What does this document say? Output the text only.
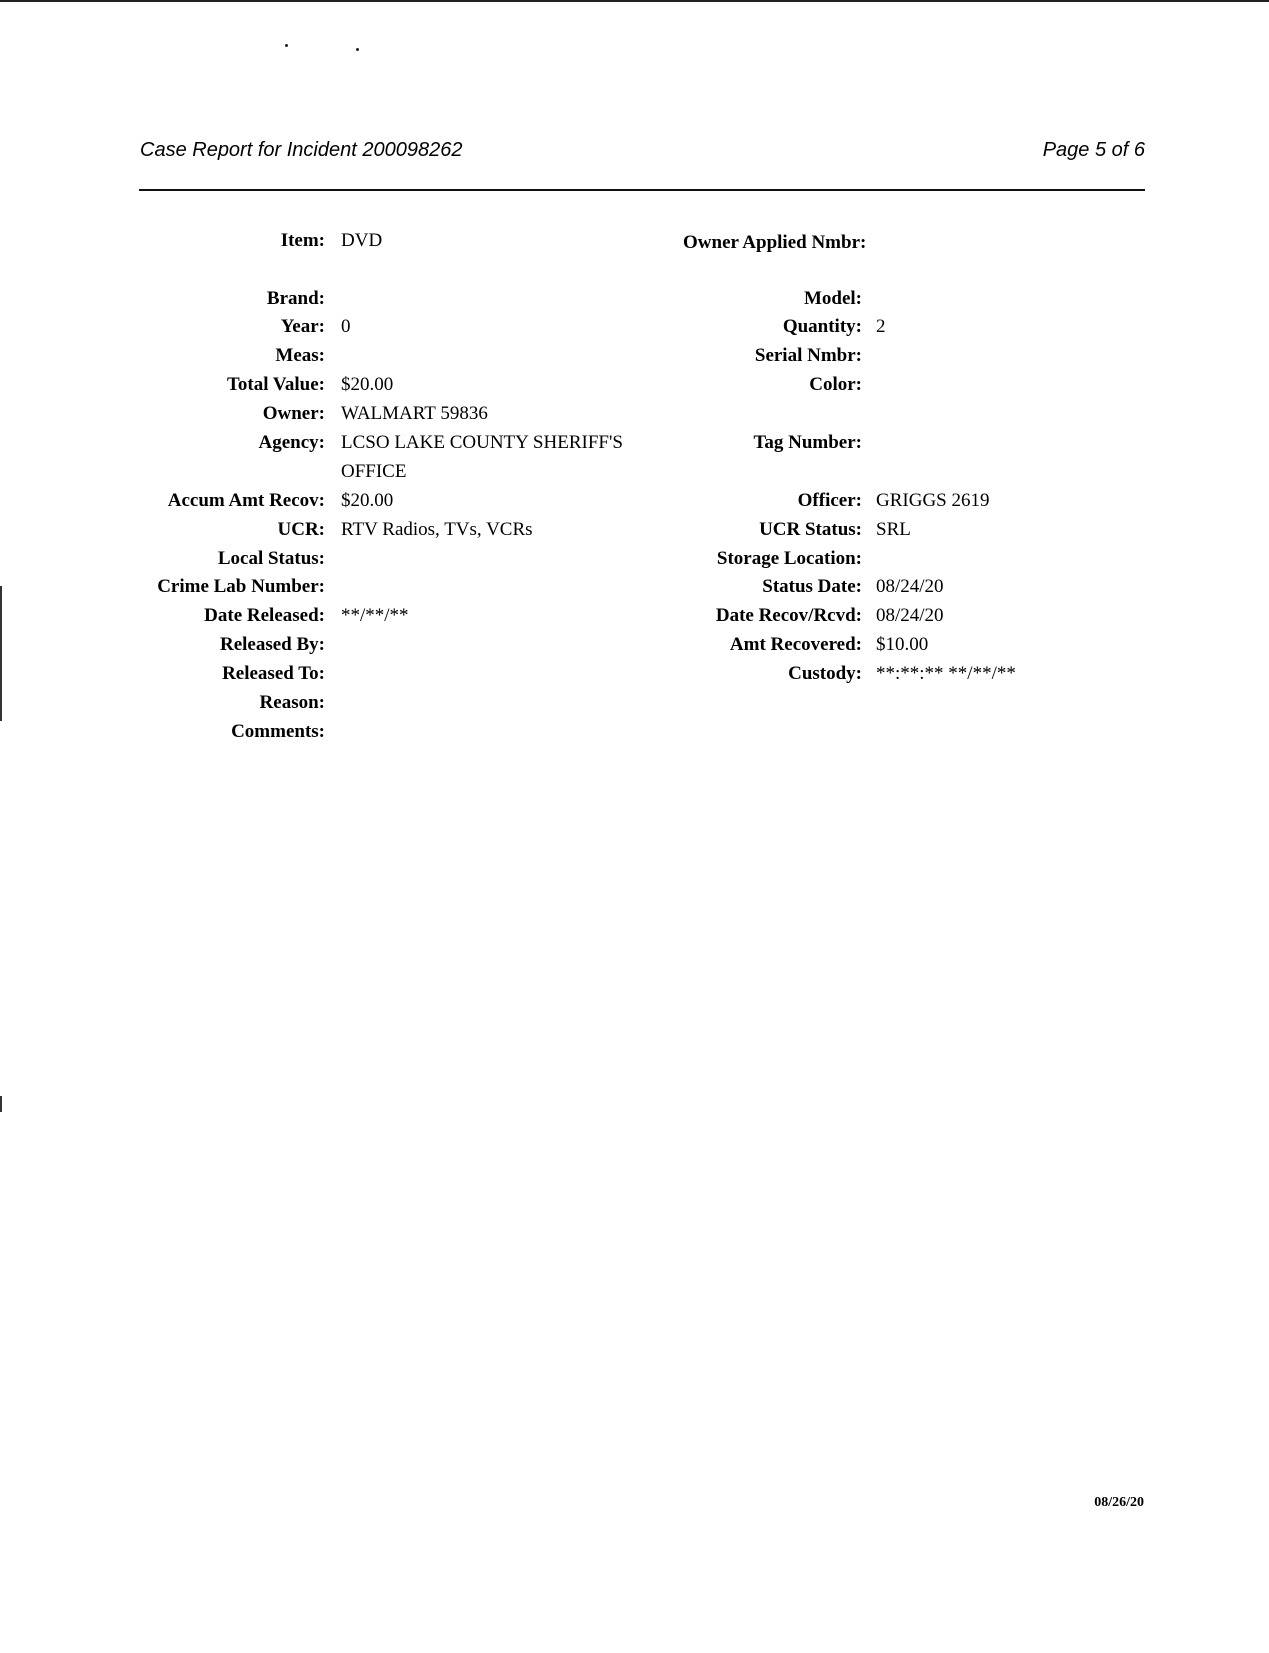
Case Report for Incident 200098262	Page 5 of 6
Item: DVD
Brand:
Year: 0
Meas:
Total Value: $20.00
Owner: WALMART 59836
Agency: LCSO LAKE COUNTY SHERIFF'S
OFFICE
Accum Amt Recov: $20.00
UCR: RTV Radios, TVs, VCRs
Local Status:
Crime Lab Number:
Date Released: **/**/**
Released By:
Released To:
Reason:
Comments:
Owner Applied Nmbr:
Model:
Quantity: 2
Serial Nmbr:
Color:
Tag Number:
Officer: GRIGGS 2619
UCR Status: SRL
Storage Location:
Status Date: 08/24/20
Date Recov/Rcvd: 08/24/20
Amt Recovered: $10.00
Custody: **:**:** **/**/**
08/26/20
